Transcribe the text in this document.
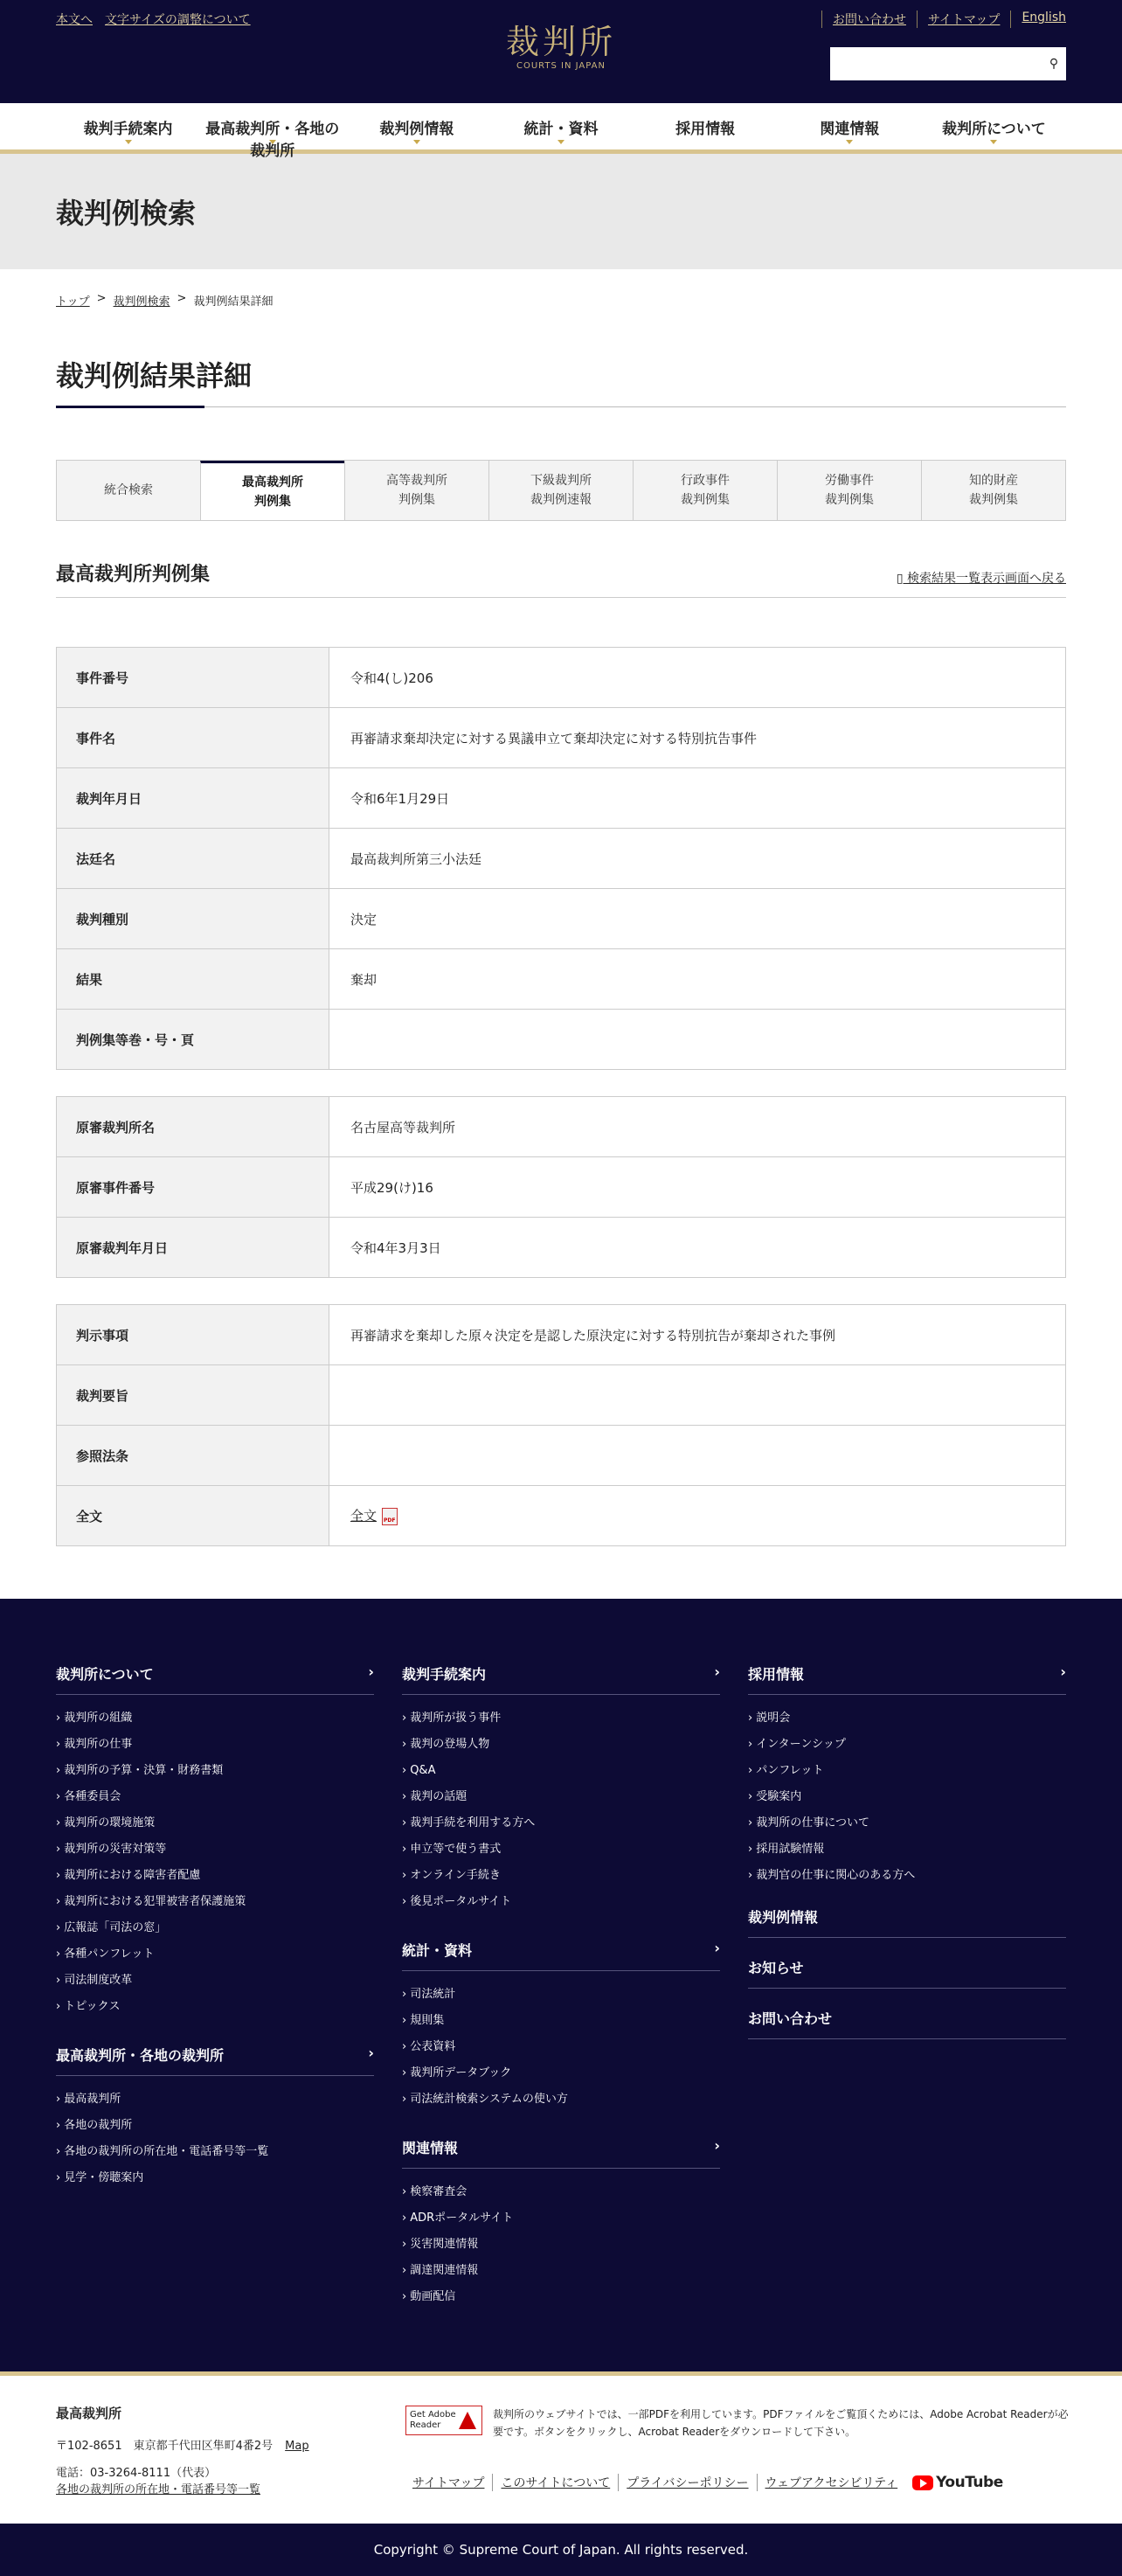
本文へ 文字サイズの調整について
裁判所
COURTS IN JAPAN
お問い合わせ	サイトマップ	English
⚲
裁判手続案内	最高裁判所・各地の裁判所
裁判例情報	統計・資料	採用情報	関連情報	裁判所について
裁判例検索
トップ > 裁判例検索 > 裁判例結果詳細
裁判例結果詳細
統合検索
最高裁判所
判例集
高等裁判所
判例集
下級裁判所
裁判例速報
行政事件
裁判例集
労働事件
裁判例集
知的財産
裁判例集
最高裁判所判例集	▯ 検索結果一覧表示画面へ戻る
事件番号	令和4(し)206
事件名	再審請求棄却決定に対する異議申立て棄却決定に対する特別抗告事件
裁判年月日	令和6年1月29日
法廷名	最高裁判所第三小法廷
裁判種別	決定
結果	棄却
判例集等巻・号・頁	
原審裁判所名	名古屋高等裁判所
原審事件番号	平成29(け)16
原審裁判年月日	令和4年3月3日
判示事項	再審請求を棄却した原々決定を是認した原決定に対する特別抗告が棄却された事例
裁判要旨	
参照法条	
全文	全文PDF
裁判所について	›
› 裁判所の組織
› 裁判所の仕事
› 裁判所の予算・決算・財務書類
› 各種委員会
› 裁判所の環境施策
› 裁判所の災害対策等
› 裁判所における障害者配慮
› 裁判所における犯罪被害者保護施策
› 広報誌「司法の窓」
› 各種パンフレット
› 司法制度改革
› トピックス
最高裁判所・各地の裁判所	›
› 最高裁判所
› 各地の裁判所
› 各地の裁判所の所在地・電話番号等一覧
› 見学・傍聴案内
裁判手続案内	›
› 裁判所が扱う事件
› 裁判の登場人物
› Q&A
› 裁判の話題
› 裁判手続を利用する方へ
› 申立等で使う書式
› オンライン手続き
› 後見ポータルサイト
統計・資料	›
› 司法統計
› 規則集
› 公表資料
› 裁判所データブック
› 司法統計検索システムの使い方
関連情報	›
› 検察審査会
› ADRポータルサイト
› 災害関連情報
› 調達関連情報
› 動画配信
採用情報	›
› 説明会
› インターンシップ
› パンフレット
› 受験案内
› 裁判所の仕事について
› 採用試験情報
› 裁判官の仕事に関心のある方へ
裁判例情報
お知らせ
お問い合わせ
最高裁判所
〒102-8651　東京都千代田区隼町4番2号 Map
電話：03-3264-8111（代表）
各地の裁判所の所在地・電話番号等一覧
Get Adobe Reader
裁判所のウェブサイトでは、一部PDFを利用しています。PDFファイルをご覧頂くためには、Adobe Acrobat Readerが必要です。ボタンをクリックし、Acrobat Readerをダウンロードして下さい。
サイトマップ	このサイトについて	プライバシーポリシー	ウェブアクセシビリティ	YouTube
Copyright © Supreme Court of Japan. All rights reserved.
